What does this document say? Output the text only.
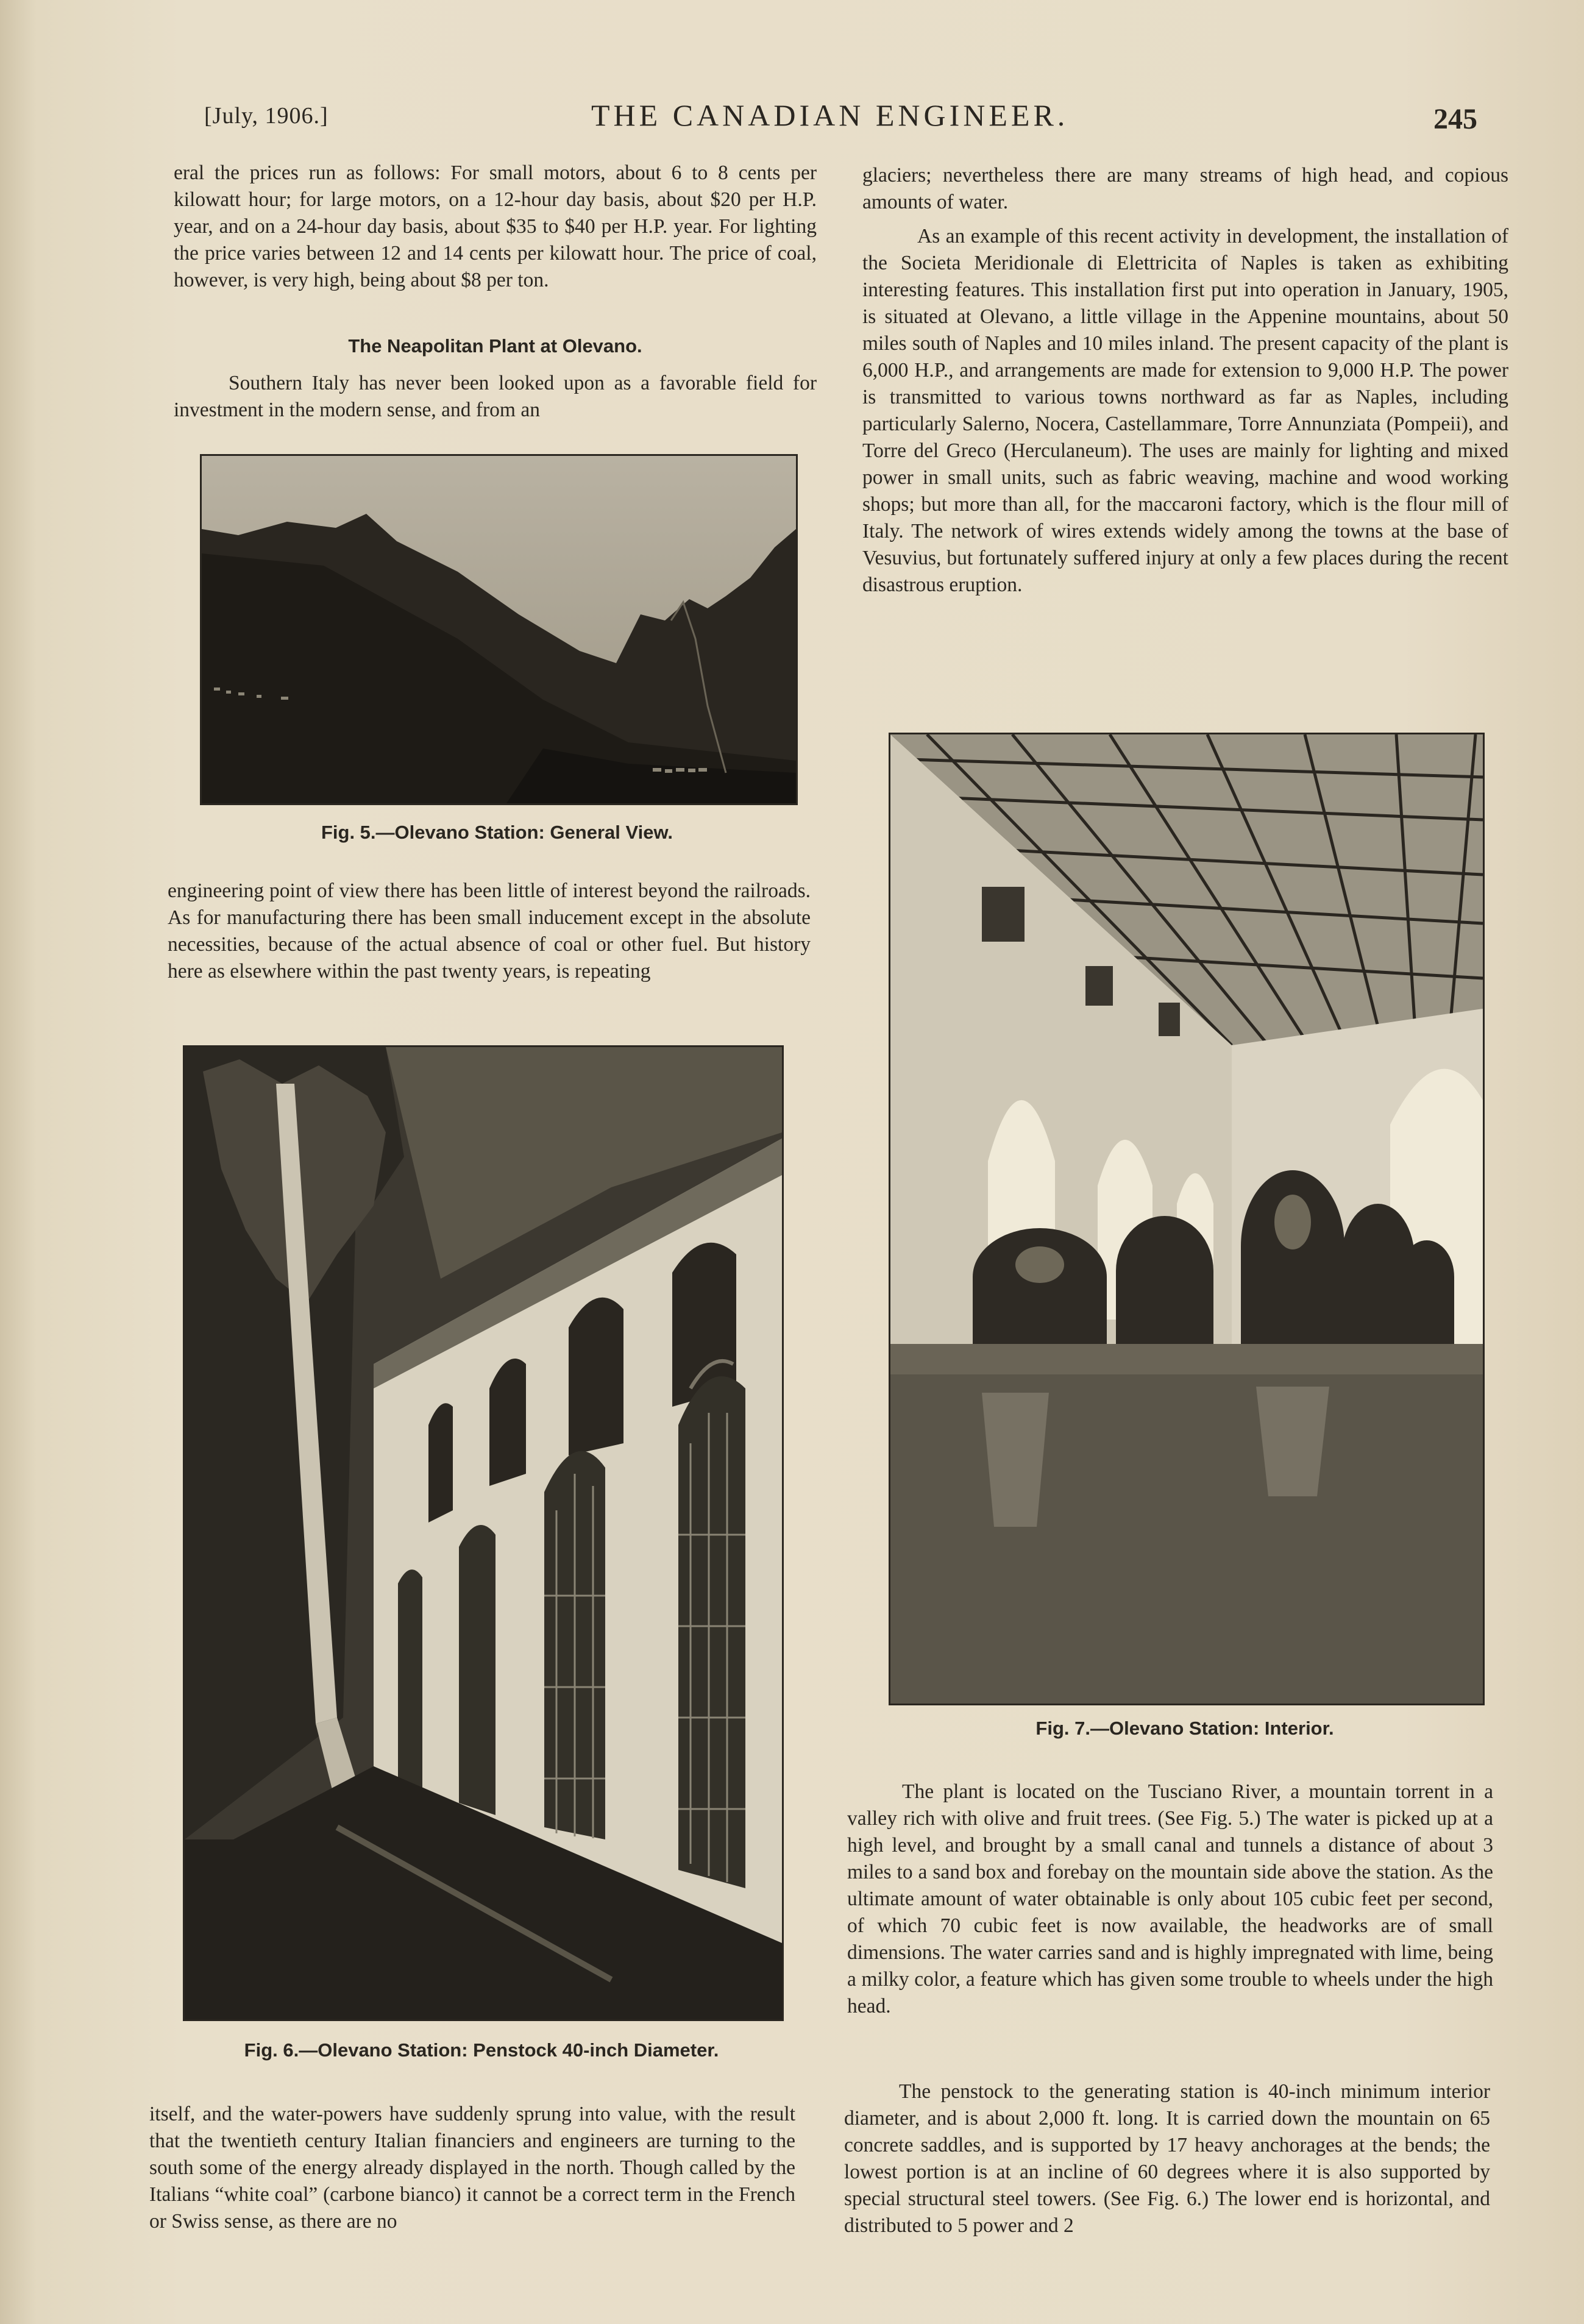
[July, 1906.]	THE CANADIAN ENGINEER.	245

eral the prices run as follows: For small motors, about 6 to 8 cents per kilowatt hour; for large motors, on a 12-hour day basis, about $20 per H.P. year, and on a 24-hour day basis, about $35 to $40 per H.P. year. For lighting the price varies between 12 and 14 cents per kilowatt hour. The price of coal, however, is very high, being about $8 per ton.

The Neapolitan Plant at Olevano.

Southern Italy has never been looked upon as a favorable field for investment in the modern sense, and from an

Fig. 5.—Olevano Station: General View.

engineering point of view there has been little of interest beyond the railroads. As for manufacturing there has been small inducement except in the absolute necessities, because of the actual absence of coal or other fuel. But history here as elsewhere within the past twenty years, is repeating

Fig. 6.—Olevano Station: Penstock 40-inch Diameter.

itself, and the water-powers have suddenly sprung into value, with the result that the twentieth century Italian financiers and engineers are turning to the south some of the energy already displayed in the north. Though called by the Italians “white coal” (carbone bianco) it cannot be a correct term in the French or Swiss sense, as there are no

glaciers; nevertheless there are many streams of high head, and copious amounts of water.

As an example of this recent activity in development, the installation of the Societa Meridionale di Elettricita of Naples is taken as exhibiting interesting features. This installation first put into operation in January, 1905, is situated at Olevano, a little village in the Appenine mountains, about 50 miles south of Naples and 10 miles inland. The present capacity of the plant is 6,000 H.P., and arrangements are made for extension to 9,000 H.P. The power is transmitted to various towns northward as far as Naples, including particularly Salerno, Nocera, Castellammare, Torre Annunziata (Pompeii), and Torre del Greco (Herculaneum). The uses are mainly for lighting and mixed power in small units, such as fabric weaving, machine and wood working shops; but more than all, for the maccaroni factory, which is the flour mill of Italy. The network of wires extends widely among the towns at the base of Vesuvius, but fortunately suffered injury at only a few places during the recent disastrous eruption.

Fig. 7.—Olevano Station: Interior.

The plant is located on the Tusciano River, a mountain torrent in a valley rich with olive and fruit trees. (See Fig. 5.) The water is picked up at a high level, and brought by a small canal and tunnels a distance of about 3 miles to a sand box and forebay on the mountain side above the station. As the ultimate amount of water obtainable is only about 105 cubic feet per second, of which 70 cubic feet is now available, the headworks are of small dimensions. The water carries sand and is highly impregnated with lime, being a milky color, a feature which has given some trouble to wheels under the high head.

The penstock to the generating station is 40-inch minimum interior diameter, and is about 2,000 ft. long. It is carried down the mountain on 65 concrete saddles, and is supported by 17 heavy anchorages at the bends; the lowest portion is at an incline of 60 degrees where it is also supported by special structural steel towers. (See Fig. 6.) The lower end is horizontal, and distributed to 5 power and 2
